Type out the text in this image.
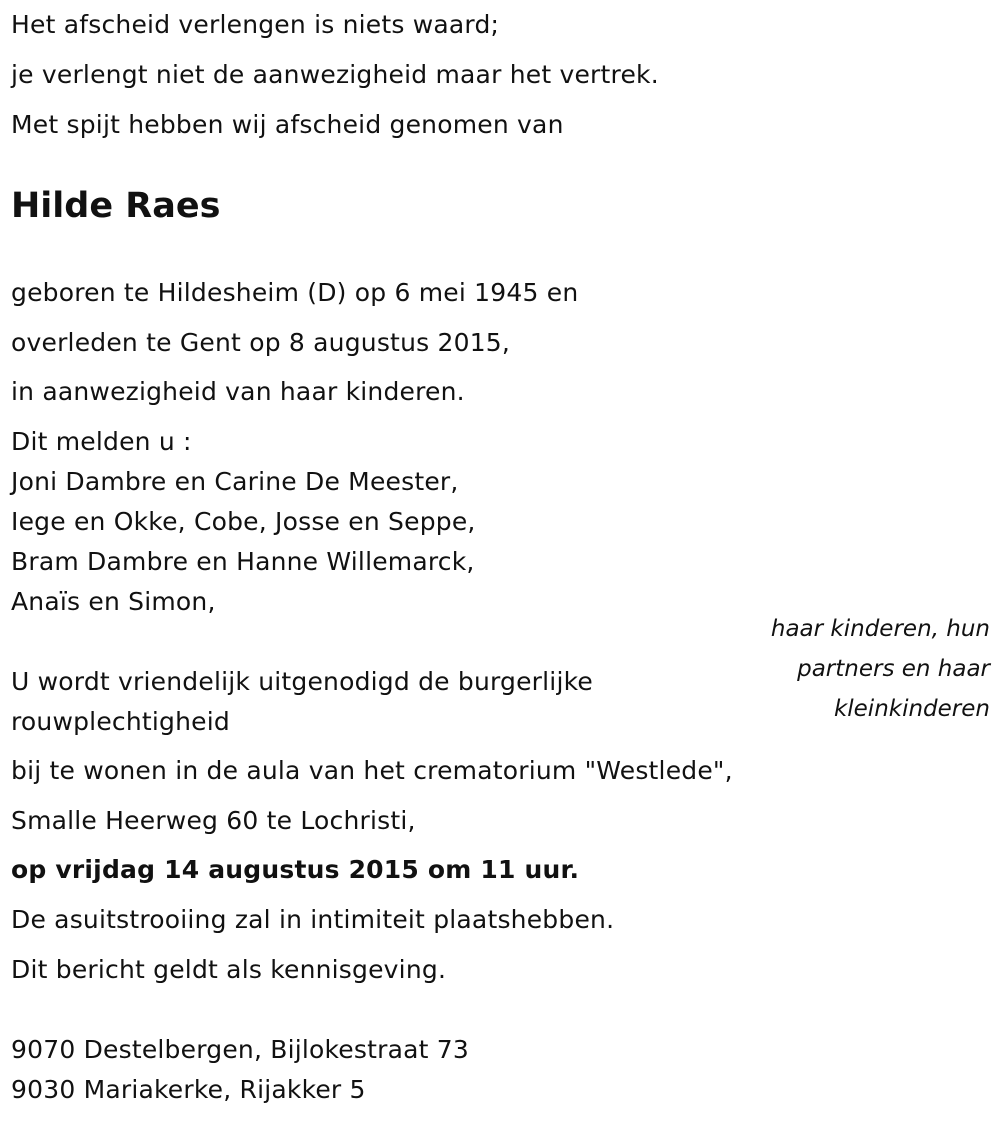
Het afscheid verlengen is niets waard;
je verlengt niet de aanwezigheid maar het vertrek.
Met spijt hebben wij afscheid genomen van
Hilde Raes
geboren te Hildesheim (D) op 6 mei 1945 en
overleden te Gent op 8 augustus 2015,
in aanwezigheid van haar kinderen.
Dit melden u :
Joni Dambre en Carine De Meester,
Iege en Okke, Cobe, Josse en Seppe,
Bram Dambre en Hanne Willemarck,
Anaïs en Simon,
haar kinderen, hun
partners en haar
kleinkinderen
U wordt vriendelijk uitgenodigd de burgerlijke
rouwplechtigheid
bij te wonen in de aula van het crematorium "Westlede",
Smalle Heerweg 60 te Lochristi,
op vrijdag 14 augustus 2015 om 11 uur.
De asuitstrooiing zal in intimiteit plaatshebben.
Dit bericht geldt als kennisgeving.
9070 Destelbergen, Bijlokestraat 73
9030 Mariakerke, Rijakker 5
